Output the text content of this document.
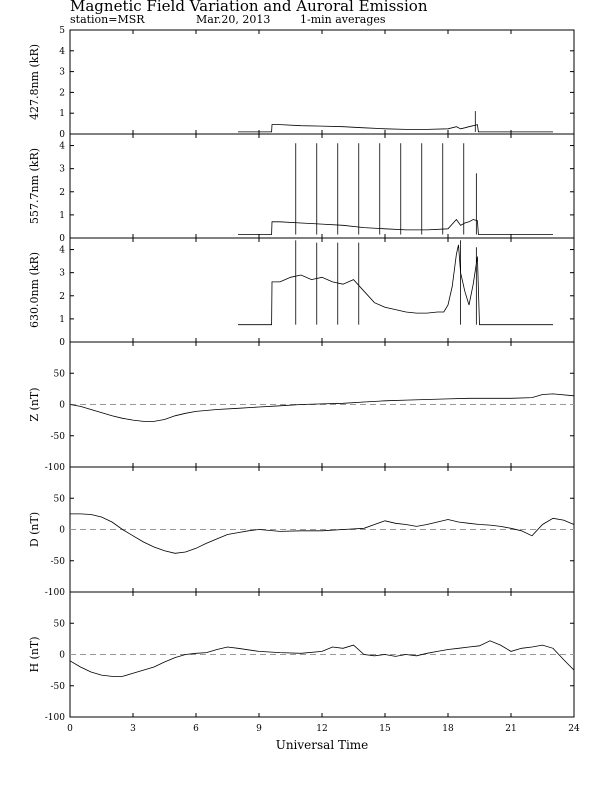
Magnetic Field Variation and Auroral Emission
station=MSR	Mar.20, 2013	1-min averages
0
1
2
3
4
5
427.8nm (kR)
0
1
2
3
4
557.7nm (kR)
0
1
2
3
4
630.0nm (kR)
-100
-50
0
50
Z (nT)
-100
-50
0
50
D (nT)
-100
-50
0
50
H (nT)
0	3	6	9	12	15	18	21	24
Universal Time
